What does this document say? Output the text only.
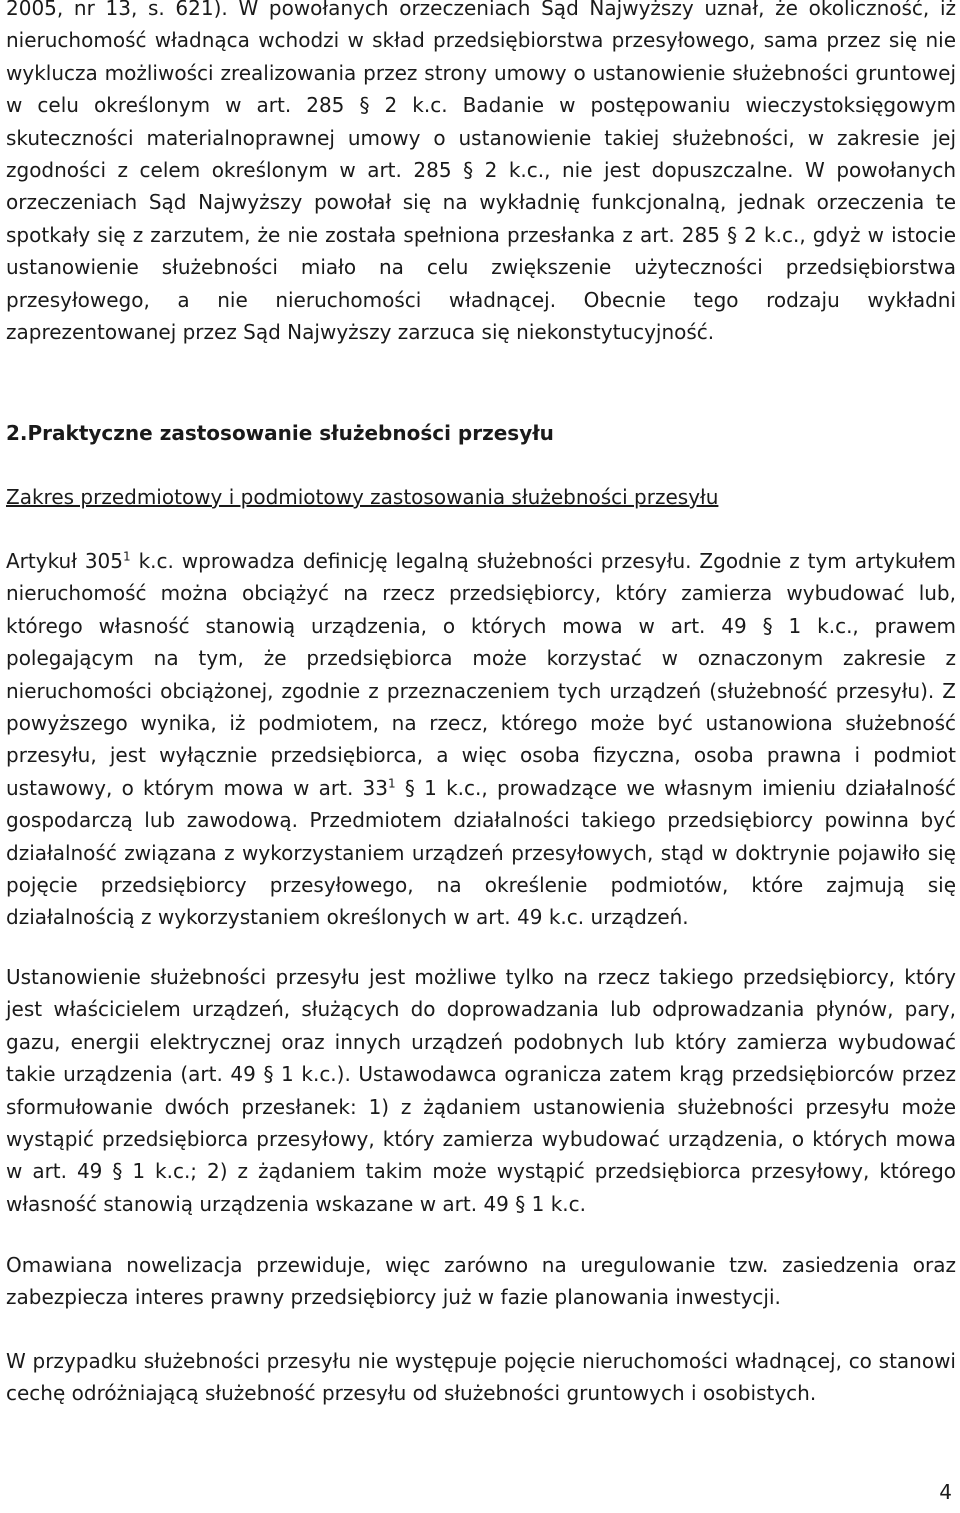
2005, nr 13, s. 621). W powołanych orzeczeniach Sąd Najwyższy uznał, że okoliczność, iż nieruchomość władnąca wchodzi w skład przedsiębiorstwa przesyłowego, sama przez się nie wyklucza możliwości zrealizowania przez strony umowy o ustanowienie służebności gruntowej w celu określonym w art. 285 § 2 k.c. Badanie w postępowaniu wieczystoksięgowym skuteczności materialnoprawnej umowy o ustanowienie takiej służebności, w zakresie jej zgodności z celem określonym w art. 285 § 2 k.c., nie jest dopuszczalne. W powołanych orzeczeniach Sąd Najwyższy powołał się na wykładnię funkcjonalną, jednak orzeczenia te spotkały się z zarzutem, że nie została spełniona przesłanka z art. 285 § 2 k.c., gdyż w istocie ustanowienie służebności miało na celu zwiększenie użyteczności przedsiębiorstwa przesyłowego, a nie nieruchomości władnącej. Obecnie tego rodzaju wykładni zaprezentowanej przez Sąd Najwyższy zarzuca się niekonstytucyjność.

2.Praktyczne zastosowanie służebności przesyłu
Zakres przedmiotowy i podmiotowy zastosowania służebności przesyłu

Artykuł $305^1$ k.c. wprowadza definicję legalną służebności przesyłu. Zgodnie z tym artykułem nieruchomość można obciążyć na rzecz przedsiębiorcy, który zamierza wybudować lub, którego własność stanowią urządzenia, o których mowa w art. 49 § 1 k.c., prawem polegającym na tym, że przedsiębiorca może korzystać w oznaczonym zakresie z nieruchomości obciążonej, zgodnie z przeznaczeniem tych urządzeń (służebność przesyłu). Z powyższego wynika, iż podmiotem, na rzecz, którego może być ustanowiona służebność przesyłu, jest wyłącznie przedsiębiorca, a więc osoba fizyczna, osoba prawna i podmiot ustawowy, o którym mowa w art. $33^1$ § 1 k.c., prowadzące we własnym imieniu działalność gospodarczą lub zawodową. Przedmiotem działalności takiego przedsiębiorcy powinna być działalność związana z wykorzystaniem urządzeń przesyłowych, stąd w doktrynie pojawiło się pojęcie przedsiębiorcy przesyłowego, na określenie podmiotów, które zajmują się działalnością z wykorzystaniem określonych w art. 49 k.c. urządzeń.

Ustanowienie służebności przesyłu jest możliwe tylko na rzecz takiego przedsiębiorcy, który jest właścicielem urządzeń, służących do doprowadzania lub odprowadzania płynów, pary, gazu, energii elektrycznej oraz innych urządzeń podobnych lub który zamierza wybudować takie urządzenia (art. 49 § 1 k.c.). Ustawodawca ogranicza zatem krąg przedsiębiorców przez sformułowanie dwóch przesłanek: 1) z żądaniem ustanowienia służebności przesyłu może wystąpić przedsiębiorca przesyłowy, który zamierza wybudować urządzenia, o których mowa w art. 49 § 1 k.c.; 2) z żądaniem takim może wystąpić przedsiębiorca przesyłowy, którego własność stanowią urządzenia wskazane w art. 49 § 1 k.c.

Omawiana nowelizacja przewiduje, więc zarówno na uregulowanie tzw. zasiedzenia oraz zabezpiecza interes prawny przedsiębiorcy już w fazie planowania inwestycji.

W przypadku służebności przesyłu nie występuje pojęcie nieruchomości władnącej, co stanowi cechę odróżniającą służebność przesyłu od służebności gruntowych i osobistych.

4
